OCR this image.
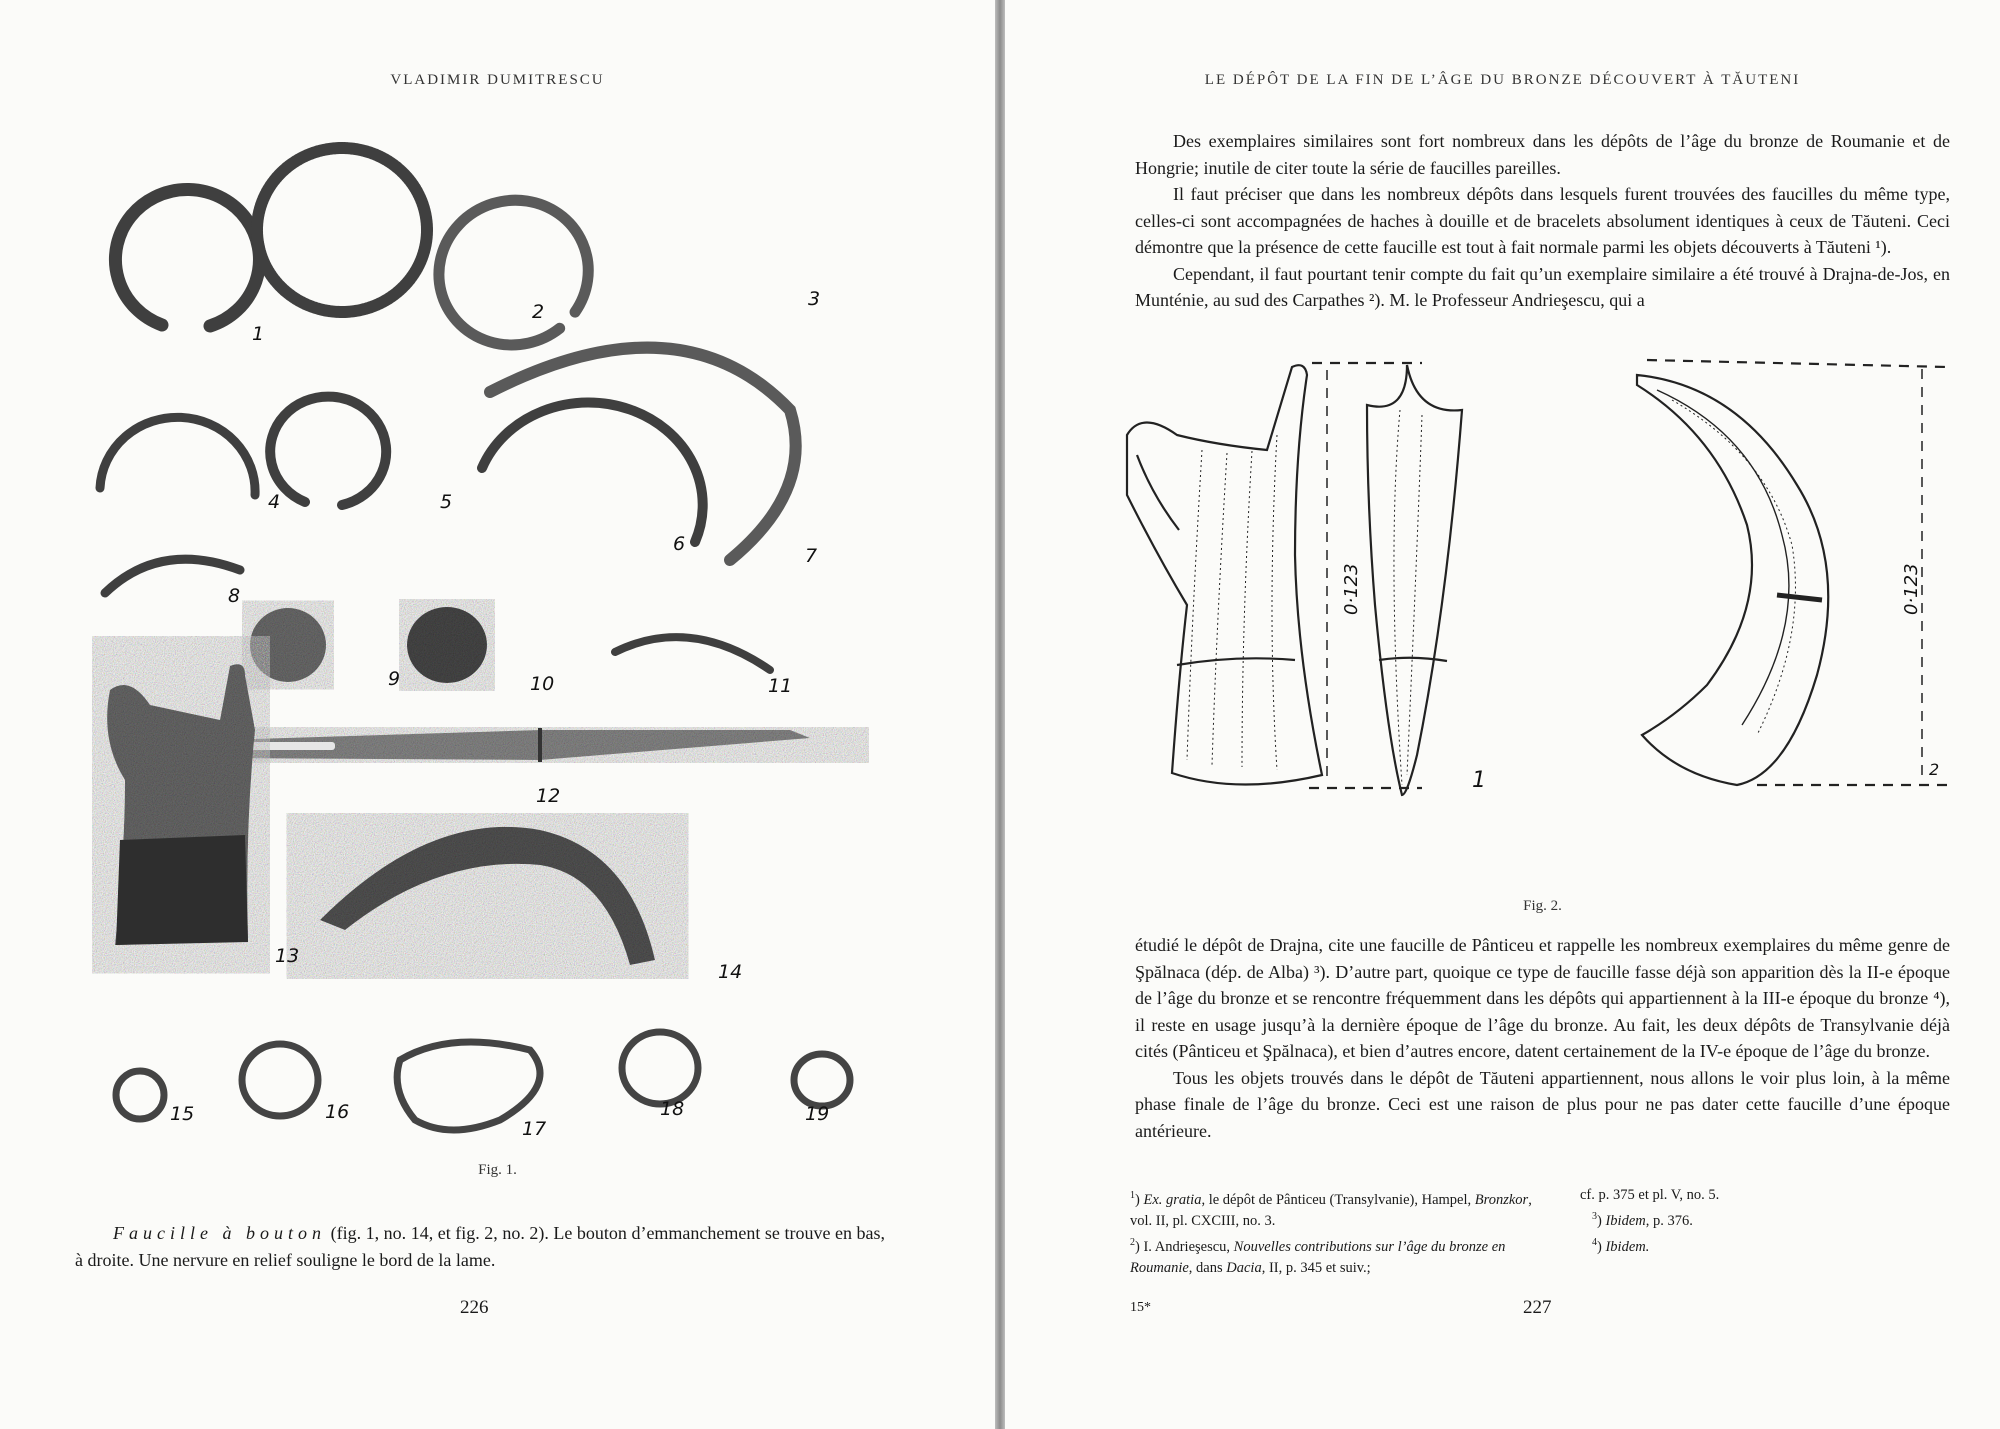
VLADIMIR DUMITRESCU
1
2
3
4	5
6
7
8
9	10	11
12
13
14
15	16
17
18	19
Fig. 1.

Faucille à bouton (fig. 1, no. 14, et fig. 2, no. 2). Le bouton d’emmanchement se trouve en bas, à droite. Une nervure en relief souligne le bord de la lame.

226
LE DÉPÔT DE LA FIN DE L’ÂGE DU BRONZE DÉCOUVERT À TĂUTENI

Des exemplaires similaires sont fort nombreux dans les dépôts de l’âge du bronze de Roumanie et de Hongrie; inutile de citer toute la série de faucilles pareilles.

Il faut préciser que dans les nombreux dépôts dans lesquels furent trouvées des faucilles du même type, celles-ci sont accompagnées de haches à douille et de bracelets absolument identiques à ceux de Tăuteni. Ceci démontre que la présence de cette faucille est tout à fait normale parmi les objets découverts à Tăuteni ¹).

Cependant, il faut pourtant tenir compte du fait qu’un exemplaire similaire a été trouvé à Drajna-de-Jos, en Munténie, au sud des Carpathes ²). M. le Professeur Andrieşescu, qui a

0·123	0·123
1	2
Fig. 2.

étudié le dépôt de Drajna, cite une faucille de Pânticeu et rappelle les nombreux exemplaires du même genre de Şpălnaca (dép. de Alba) ³). D’autre part, quoique ce type de faucille fasse déjà son apparition dès la II-e époque de l’âge du bronze et se rencontre fréquemment dans les dépôts qui appartiennent à la III-e époque du bronze ⁴), il reste en usage jusqu’à la dernière époque de l’âge du bronze. Au fait, les deux dépôts de Transylvanie déjà cités (Pânticeu et Şpălnaca), et bien d’autres encore, datent certainement de la IV-e époque de l’âge du bronze.

Tous les objets trouvés dans le dépôt de Tăuteni appartiennent, nous allons le voir plus loin, à la même phase finale de l’âge du bronze. Ceci est une raison de plus pour ne pas dater cette faucille d’une époque antérieure.

$^1$) Ex. gratia, le dépôt de Pânticeu (Transylvanie), Hampel, Bronzkor, vol. II, pl. CXCIII, no. 3.

$^2$) I. Andrieşescu, Nouvelles contributions sur l’âge du bronze en Roumanie, dans Dacia, II, p. 345 et suiv.;

cf. p. 375 et pl. V, no. 5.

$^3$) Ibidem, p. 376.

$^4$) Ibidem.

15*	227
